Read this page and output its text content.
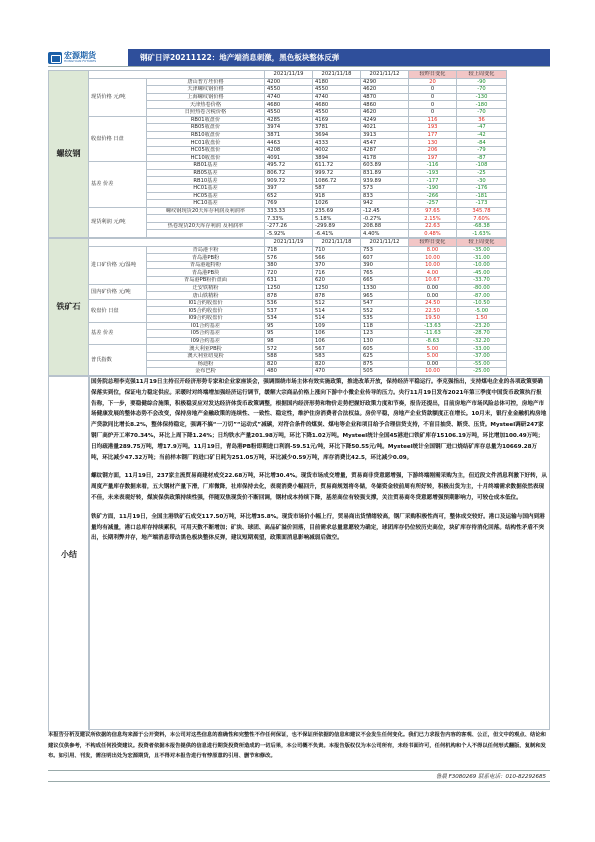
宏源期货
HONGYUAN FUTURES	钢矿日评20211122：地产端消息刺激，黑色板块整体反弹
螺纹钢			2021/11/19	2021/11/18	2021/11/12	较昨日变化	较上周变化
	现货价格 元/吨	唐山普方坯价格	4200	4180	4290	20	-90
		天津螺纹钢价格	4550	4550	4620	0	-70
		上海螺纹钢价格	4740	4740	4870	0	-130
		天津热卷价格	4680	4680	4860	0	-180
		日照热卷含税价格	4550	4550	4620	0	-70
	收盘价格 日盘	RB01收盘价	4285	4169	4249	116	36
		RB05收盘价	3974	3781	4021	193	-47
		RB10收盘价	3871	3694	3913	177	-42
		HC01收盘价	4463	4333	4547	130	-84
		HC05收盘价	4208	4002	4287	206	-79
		HC10收盘价	4091	3894	4178	197	-87
	基差 价差	RB01基差	495.72	611.72	603.89	-116	-108
		RB05基差	806.72	999.72	831.89	-193	-25
		RB10基差	909.72	1086.72	939.89	-177	-30
		HC01基差	397	587	573	-190	-176
		HC05基差	652	918	833	-266	-181
		HC10基差	769	1026	942	-257	-173
	现货利润 元/吨	螺纹钢现货20天库存利润及利润率	333.33	235.69	-12.45	97.65	345.78
			7.33%	5.18%	-0.27%	2.15%	7.60%
		热卷现货20天库存利润 及利润率	-277.26	-299.89	208.88	22.63	-68.38
			-5.92%	-6.41%	4.40%	0.48%	-1.63%
铁矿石			2021/11/19	2021/11/18	2021/11/12	较昨日变化	较上周变化
	进口矿价格 元/湿吨	青岛港卡粉	718	710	753	8.00	-35.00
		青岛港PB粉	576	566	607	10.00	-31.00
		青岛港超特粉	380	370	390	10.00	-10.00
		青岛港PB块	720	716	765	4.00	-45.00
		青岛港PB粉折盘面	631	620	665	10.67	-33.70
	国内矿价格 元/吨	迁安铁精粉	1250	1250	1330	0.00	-80.00
		唐山铁精粉	878	878	965	0.00	-87.00
	收盘价 日盘	I01合约收盘价	536	512	547	24.50	-10.50
		I05合约收盘价	537	514	552	22.50	-5.00
		I09合约收盘价	534	514	535	19.50	1.50
	基差 价差	I01合约基差	95	109	118	-13.63	-23.20
		I05合约基差	95	106	123	-11.63	-28.70
		I09合约基差	98	106	130	-8.63	-32.20
	普氏指数	澳大利亚PB粉	572	567	605	5.00	-33.00
		澳大利亚纽曼粉	588	583	625	5.00	-37.00
		杨迪粉	820	820	875	0.00	-55.00
		金布巴粉	480	470	505	10.00	-25.00
小结

国务院总理李克强11月19日主持召开经济形势专家和企业家座谈会，强调围绕市场主体有效实施政策，推进改革开放，保持经济平稳运行。李克强指出，支持煤电企业的各项政策要确保落实到位，保证电力稳定供应。采暖时对终端增加强经济运行调节，缓解大宗商品价格上涨向下游中小微企业传导的压力。央行11月19日发布2021年第三季度中国货币政策执行报告称，下一步，要稳健综合施策，积极稳妥应对发达经济体货币政策调整，根据国内经济形势和物价走势把握好政策力度和节奏，报告还提出，目前房地产市场风险总体可控，房地产市场健康发展的整体态势不会改变，保持房地产金融政策的连续性、一致性、稳定性，维护住房消费者合法权益。房价平稳，房地产企业贷款额度正在增长。10月末，银行业金融机构房地产贷款同比增长8.2%，整体保持稳定，强调不搞“一刀切”“运动式”减碳，对符合条件的煤炭、煤电等企业和项目给予合理信贷支持，不盲目抽贷、断贷、压贷。Mysteel调研247家钢厂高炉开工率70.34%，环比上周下降1.24%；日均铁水产量201.98万吨，环比下降1.02万吨。Mysteel统计全国45港进口铁矿库存15106.19万吨，环比增加100.49万吨；日均疏港量289.75万吨，增17.9万吨。11月19日，青岛港PB粉即期进口利润-59.51元/吨，环比下降50.55元/吨。Mysteel统计全国钢厂进口烧结矿库存总量为10669.28万吨，环比减少47.32万吨；当前样本钢厂的进口矿日耗为251.05万吨，环比减少0.59万吨，库存消费比42.5，环比减少0.09。

螺纹钢方面，11月19日，237家主流贸易商建材成交22.68万吨，环比增30.4%。现货市场成交增量，贸易商非贷意愿增强，下游终端刚需采购为主，但近段文件消息利激下好转，从周度产量库存数据来看，五大钢材产量下滑，厂库微降，社库保持去化，表观消费小幅回升，贸易商规划将冬储，冬储资金较前周有所好转，积极出货为主，十月终端需求数据依然表现不佳，未来表观好转，煤炭保供政策持续性强，伴随双焦现货价不断回调，钢材成本持续下降，基差高位有较强支撑，关注贸易商冬贷意愿增强预期影响力，可较仓成本低位。

铁矿方面，11月19日，全国主港铁矿石成交117.50万吨，环比增35.8%。现货市场价小幅上行，贸易商出货情绪较高，钢厂采购积极性尚可，整体成交较好。港口及运输与国内到港量均有减量，港口总库存持续累积，可用天数不断增加；矿块、球团、高品矿溢价回落，目前需求总量意愿较为确定，球团库存仍位较历史高位，块矿库存待消化回落。结构性矛盾不突出，长期利弊并存，地产端消息带动黑色板块整体反弹，建议短期观望，政策面消息影响减弱后做空。

本报告分析及建议所依据的信息均来源于公开资料，本公司对这些信息的准确性和完整性不作任何保证，也不保证所依据的信息和建议不会发生任何变化。我们已力求报告内容的客观、公正，但文中的观点、结论和建议仅供参考，不构成任何投资建议。投资者依据本报告提供的信息进行期货投资所造成的一切后果，本公司概不负责。本报告版权仅为本公司所有，未经书面许可，任何机构和个人不得以任何形式翻版、复制和发布。如引用、刊发，需注明出处为宏源期货，且不得对本报告进行有悖原意的引用、删节和修改。
鲁晨 F3080269 联系电话：010-82292685
